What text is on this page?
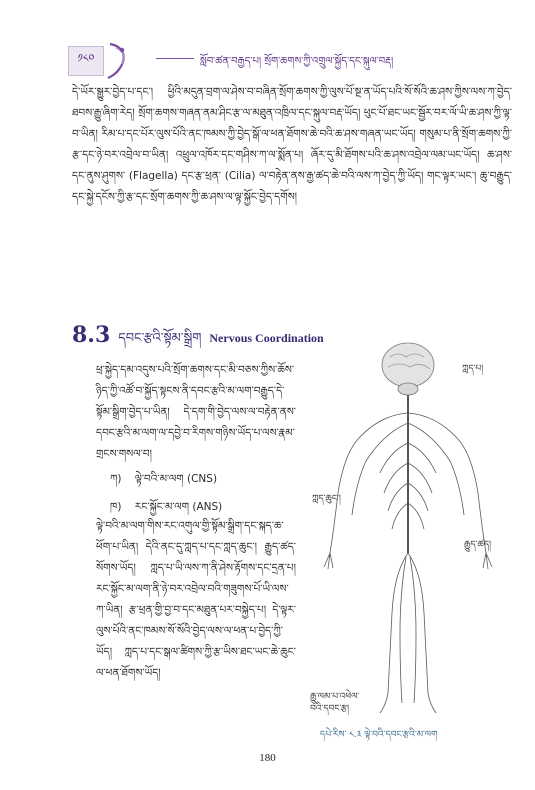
༡༨༠	སློབ་ཚན་བརྒྱད་པ། སྲོག་ཆགས་ཀྱི་འགྲུལ་སྐྱོད་དང་སྐུལ་བརྡ།
དེ་ཡོར་སྒྱུར་བྱེད་པ་དང་། ཕྱིའི་མདུན་བྲག་ལ་ཤེས་བ་བཞིན་སྲོག་ཆགས་ཀྱི་ལུས་པོ་སྔ་ན་ཡོད་པའི་སོ་སོའི་ཆ་ཤས་ཀྱིས་ལས་ཀ་བྱེད་ཐབས་རྒྱུ་ཞིག་རེད། སྲོག་ཆགས་གཞན་ནམ་ཤིང་རྩ་ལ་མཐུན་འཁྲིལ་དང་སྐུལ་བརྡ་ཡོད། ཕུང་པོ་ཐང་ཡང་སྦྱོར་བར་ལོ་ཡི་ཆ་ཤས་ཀྱི་ལྟ་བ་ཡིན། རིམ་པ་དང་པོར་ལུས་པོའི་ནང་ཁམས་ཀྱི་བྱེད་སྒོ་ལ་ཕན་ཐོགས་ཆེ་བའི་ཆ་ཤས་གཞན་ཡང་ཡོད། གསུམ་པ་ནི་སྲོག་ཆགས་ཀྱི་རྩ་དང་ཉེ་བར་འབྲེལ་བ་ཡིན། འཕྲུལ་འཁོར་དང་གཤིས་ཀ་ལ་སྨོན་པ། ཞོར་དུ་མི་ཐོགས་པའི་ཆ་ཤས་འབྲེལ་ལམ་ཡང་ཡོད། ཆ་ཤས་དང་ནུས་ཤུགས་ (Flagella) དང་རྩ་ཕྲན་ (Cilia) ལ་བརྟེན་ནས་རྒྱ་ཚད་ཆེ་བའི་ལས་ཀ་བྱེད་ཀྱི་ཡོད། གང་ལྟར་ཡང་། ཆུ་བརྒྱུད་དང་སྐྱེ་དངོས་ཀྱི་རྩ་དང་སྲོག་ཆགས་ཀྱི་ཆ་ཤས་ལ་ལྟ་སྐྱོང་བྱེད་དགོས།
8.3 དབང་རྩའི་སྟོམ་སྒྲིག Nervous Coordination
ཕྲ་སྐྱེད་དམ་འདུས་པའི་སྲོག་ཆགས་དང་མི་བཅས་ཀྱིས་ཆོས་ཉིད་ཀྱི་འཚོ་བ་སྐྱོད་སྟངས་ནི་དབང་རྩའི་མ་ལག་བརྒྱུད་དེ་སྟོམ་སྒྲིག་བྱེད་པ་ཡིན། དེ་དག་གི་བྱེད་ལས་ལ་བརྟེན་ནས་དབང་རྩའི་མ་ལག་ལ་དབྱེ་བ་རིགས་གཉིས་ཡོད་པ་ལས་རྣམ་གྲངས་གསལ་བ།
ཀ) ལྟེ་བའི་མ་ལག (CNS)
ཁ) རང་སྐྱོང་མ་ལག (ANS)
ལྟེ་བའི་མ་ལག་གིས་རང་འགུལ་གྱི་སྟོམ་སྒྲིག་དང་སྐད་ཆ་ཕོག་པ་ཡིན། དེའི་ནང་དུ་ཀླད་པ་དང་ཀླད་ཆུང་། རྒྱུད་ཚད་སོགས་ཡོད། ཀླད་པ་ཡི་ལས་ཀ་ནི་ཤེས་རྟོགས་དང་དྲན་པ། རང་སྐྱོང་མ་ལག་ནི་ཉེ་བར་འབྲེལ་བའི་གཟུགས་པོ་ཡི་ལས་ཀ་ཡིན། རྩ་ཕྲན་གྱི་བྱ་བ་དང་མཐུན་པར་བསྐྱེད་པ། དེ་ལྟར་ལུས་པོའི་ནང་ཁམས་སོ་སོའི་བྱེད་ལས་ལ་ཕན་པ་བྱེད་ཀྱི་ཡོད། ཀླད་པ་དང་སྒལ་ཚིགས་ཀྱི་རྩ་ཡིས་ཐང་ཡང་ཆེ་ཆུང་ལ་ཕན་ཐོགས་ཡོད།
ཀླད་པ།
ཀླད་ཆུང་།
རྒྱུད་ཚད།
རྒྱུ་ལམ་པ་འཕེལ་བའི་དབང་རྩ།
དཔེ་རིས་ ༨.༣ ལྟེ་བའི་དབང་རྩའི་མ་ལག
180
